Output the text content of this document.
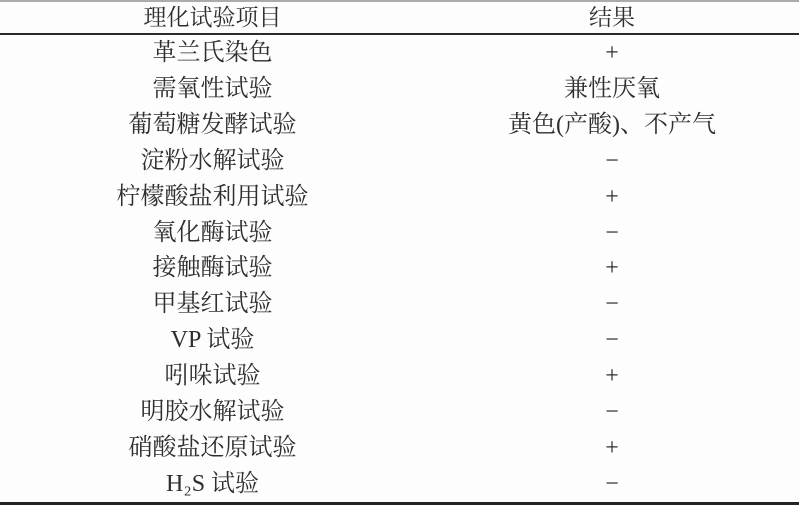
理化试验项目	结果
革兰氏染色	+
需氧性试验	兼性厌氧
葡萄糖发酵试验	黄色(产酸)、不产气
淀粉水解试验	−
柠檬酸盐利用试验	+
氧化酶试验	−
接触酶试验	+
甲基红试验	−
VP 试验	−
吲哚试验	+
明胶水解试验	−
硝酸盐还原试验	+
H₂S 试验	−
